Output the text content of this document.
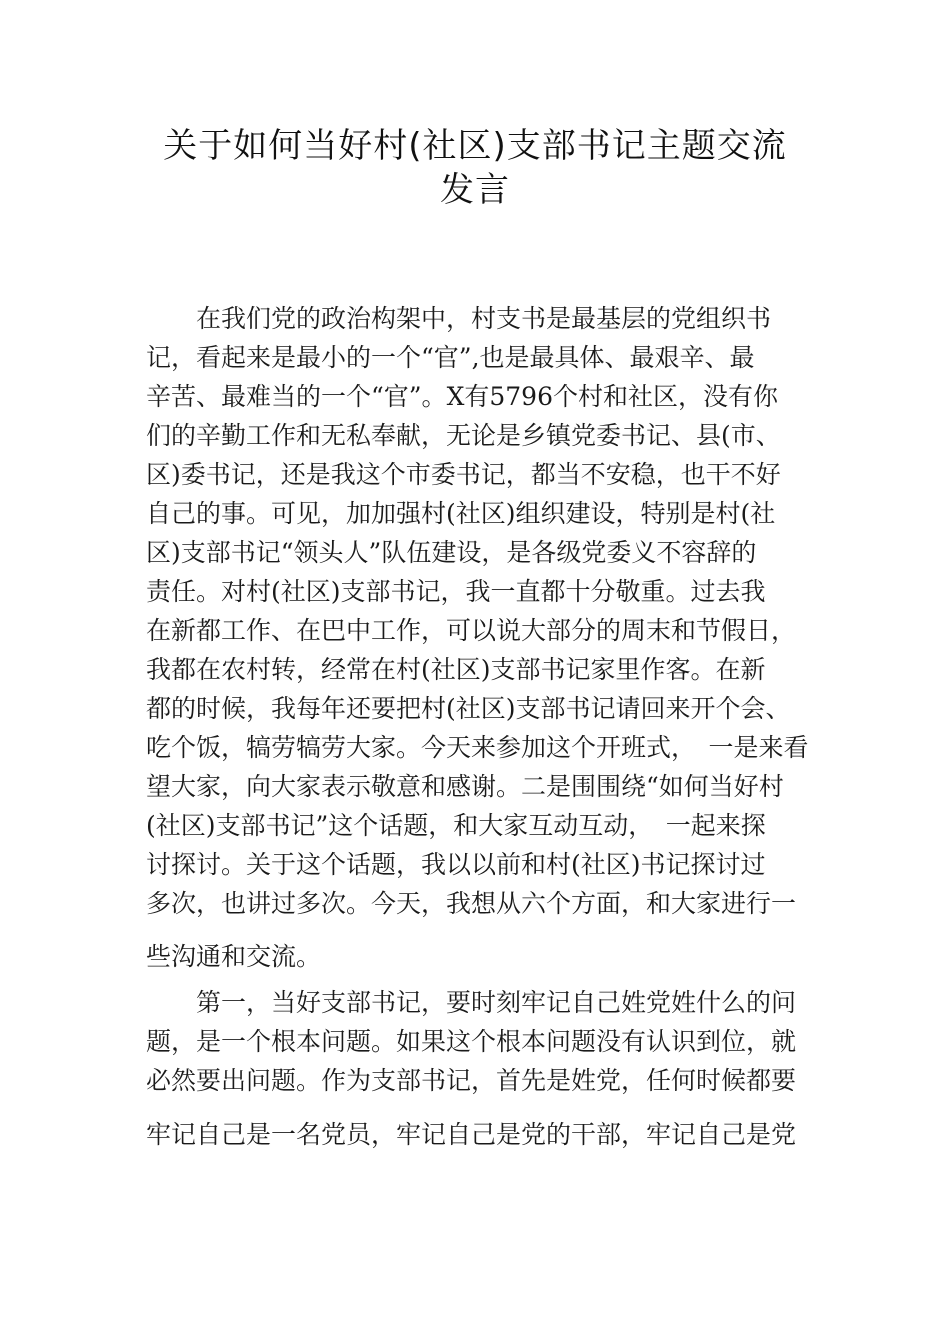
关于如何当好村(社区)支部书记主题交流
发言

　　在我们党的政治构架中，村支书是最基层的党组织书

记，看起来是最小的一个“官”,也是最具体、最艰辛、最

辛苦、最难当的一个“官”。X有5796个村和社区，没有你

们的辛勤工作和无私奉献，无论是乡镇党委书记、县(市、

区)委书记，还是我这个市委书记，都当不安稳，也干不好

自己的事。可见，加加强村(社区)组织建设，特别是村(社

区)支部书记“领头人”队伍建设，是各级党委义不容辞的

责任。对村(社区)支部书记，我一直都十分敬重。过去我

在新都工作、在巴中工作，可以说大部分的周末和节假日，

我都在农村转，经常在村(社区)支部书记家里作客。在新

都的时候，我每年还要把村(社区)支部书记请回来开个会、

吃个饭，犒劳犒劳大家。今天来参加这个开班式，　一是来看

望大家，向大家表示敬意和感谢。二是围围绕“如何当好村

(社区)支部书记”这个话题，和大家互动互动，　一起来探

讨探讨。关于这个话题，我以以前和村(社区)书记探讨过

多次，也讲过多次。今天，我想从六个方面，和大家进行一

些沟通和交流。

　　第一，当好支部书记，要时刻牢记自己姓党姓什么的问

题，是一个根本问题。如果这个根本问题没有认识到位，就

必然要出问题。作为支部书记，首先是姓党，任何时候都要

牢记自己是一名党员，牢记自己是党的干部，牢记自己是党
